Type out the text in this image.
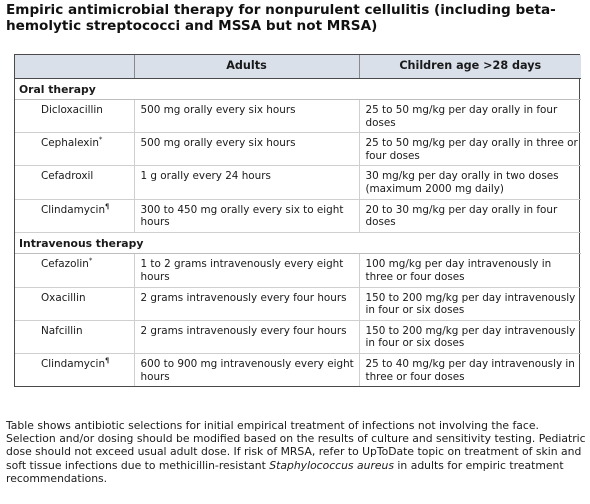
Empiric antimicrobial therapy for nonpurulent cellulitis (including beta-hemolytic streptococci and MSSA but not MRSA)
	Adults	Children age >28 days
Oral therapy		
Dicloxacillin	500 mg orally every six hours	25 to 50 mg/kg per day orally in four doses
Cephalexin*	500 mg orally every six hours	25 to 50 mg/kg per day orally in three or four doses
Cefadroxil	1 g orally every 24 hours	30 mg/kg per day orally in two doses (maximum 2000 mg daily)
Clindamycin¶	300 to 450 mg orally every six to eight hours	20 to 30 mg/kg per day orally in four doses
Intravenous therapy		
Cefazolin*	1 to 2 grams intravenously every eight hours	100 mg/kg per day intravenously in three or four doses
Oxacillin	2 grams intravenously every four hours	150 to 200 mg/kg per day intravenously in four or six doses
Nafcillin	2 grams intravenously every four hours	150 to 200 mg/kg per day intravenously in four or six doses
Clindamycin¶	600 to 900 mg intravenously every eight hours	25 to 40 mg/kg per day intravenously in three or four doses
Table shows antibiotic selections for initial empirical treatment of infections not involving the face. Selection and/or dosing should be modified based on the results of culture and sensitivity testing. Pediatric dose should not exceed usual adult dose. If risk of MRSA, refer to UpToDate topic on treatment of skin and soft tissue infections due to methicillin-resistant Staphylococcus aureus in adults for empiric treatment recommendations.
